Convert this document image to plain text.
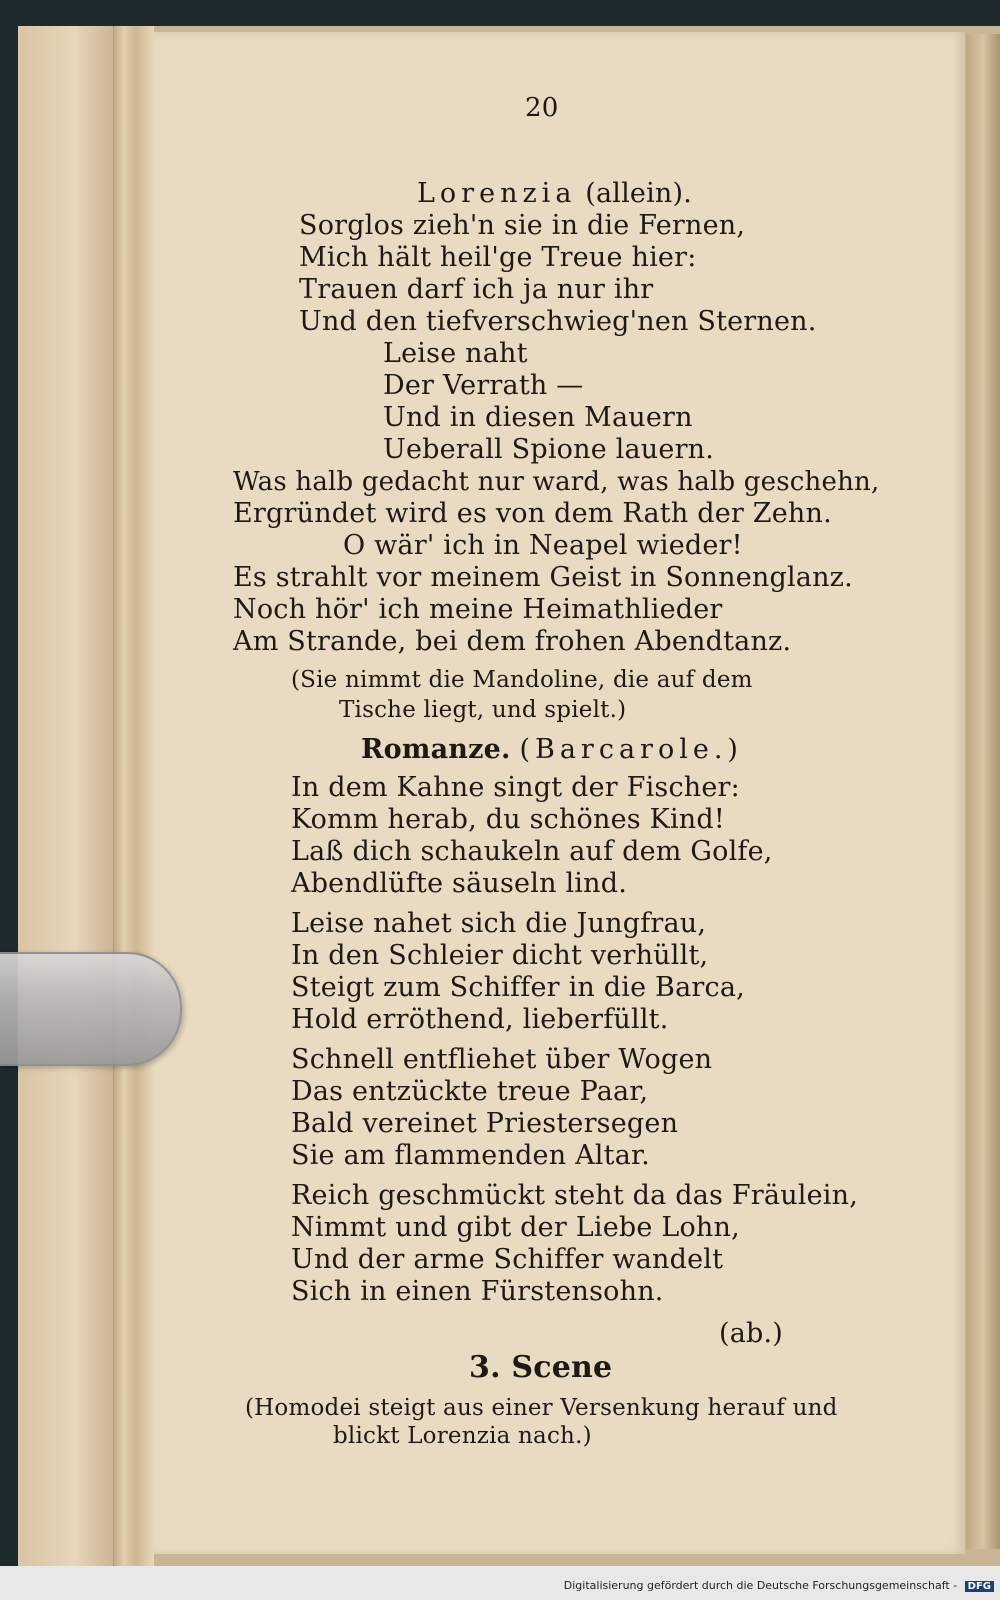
20
Lorenzia (allein).
Sorglos zieh'n sie in die Fernen,
Mich hält heil'ge Treue hier:
Trauen darf ich ja nur ihr
Und den tiefverschwieg'nen Sternen.
Leise naht
Der Verrath —
Und in diesen Mauern
Ueberall Spione lauern.
Was halb gedacht nur ward, was halb geschehn,
Ergründet wird es von dem Rath der Zehn.
O wär' ich in Neapel wieder!
Es strahlt vor meinem Geist in Sonnenglanz.
Noch hör' ich meine Heimathlieder
Am Strande, bei dem frohen Abendtanz.
(Sie nimmt die Mandoline, die auf dem
Tische liegt, und spielt.)
Romanze. (Barcarole.)
In dem Kahne singt der Fischer:
Komm herab, du schönes Kind!
Laß dich schaukeln auf dem Golfe,
Abendlüfte säuseln lind.
Leise nahet sich die Jungfrau,
In den Schleier dicht verhüllt,
Steigt zum Schiffer in die Barca,
Hold erröthend, lieberfüllt.
Schnell entfliehet über Wogen
Das entzückte treue Paar,
Bald vereinet Priestersegen
Sie am flammenden Altar.
Reich geschmückt steht da das Fräulein,
Nimmt und gibt der Liebe Lohn,
Und der arme Schiffer wandelt
Sich in einen Fürstensohn.
(ab.)
3. Scene
(Homodei steigt aus einer Versenkung herauf und
blickt Lorenzia nach.)
Digitalisierung gefördert durch die Deutsche Forschungsgemeinschaft - DFG
